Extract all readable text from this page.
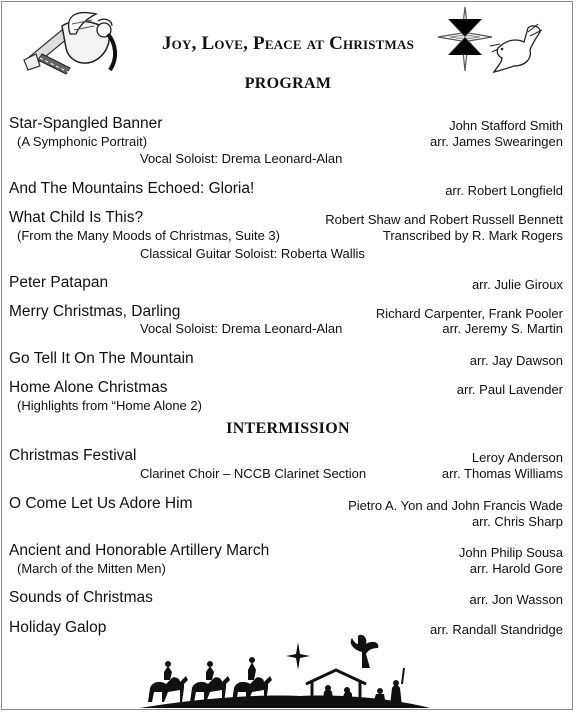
Joy, Love, Peace at Christmas
PROGRAM
Star-Spangled Banner	John Stafford Smith
(A Symphonic Portrait)	arr. James Swearingen
Vocal Soloist: Drema Leonard-Alan
And The Mountains Echoed: Gloria!	arr. Robert Longfield
What Child Is This?	Robert Shaw and Robert Russell Bennett
(From the Many Moods of Christmas, Suite 3)	Transcribed by R. Mark Rogers
Classical Guitar Soloist: Roberta Wallis
Peter Patapan	arr. Julie Giroux
Merry Christmas, Darling	Richard Carpenter, Frank Pooler
Vocal Soloist: Drema Leonard-Alan	arr. Jeremy S. Martin
Go Tell It On The Mountain	arr. Jay Dawson
Home Alone Christmas	arr. Paul Lavender
(Highlights from “Home Alone 2)
INTERMISSION
Christmas Festival	Leroy Anderson
Clarinet Choir – NCCB Clarinet Section	arr. Thomas Williams
O Come Let Us Adore Him	Pietro A. Yon and John Francis Wade
arr. Chris Sharp
Ancient and Honorable Artillery March	John Philip Sousa
(March of the Mitten Men)	arr. Harold Gore
Sounds of Christmas	arr. Jon Wasson
Holiday Galop	arr. Randall Standridge
